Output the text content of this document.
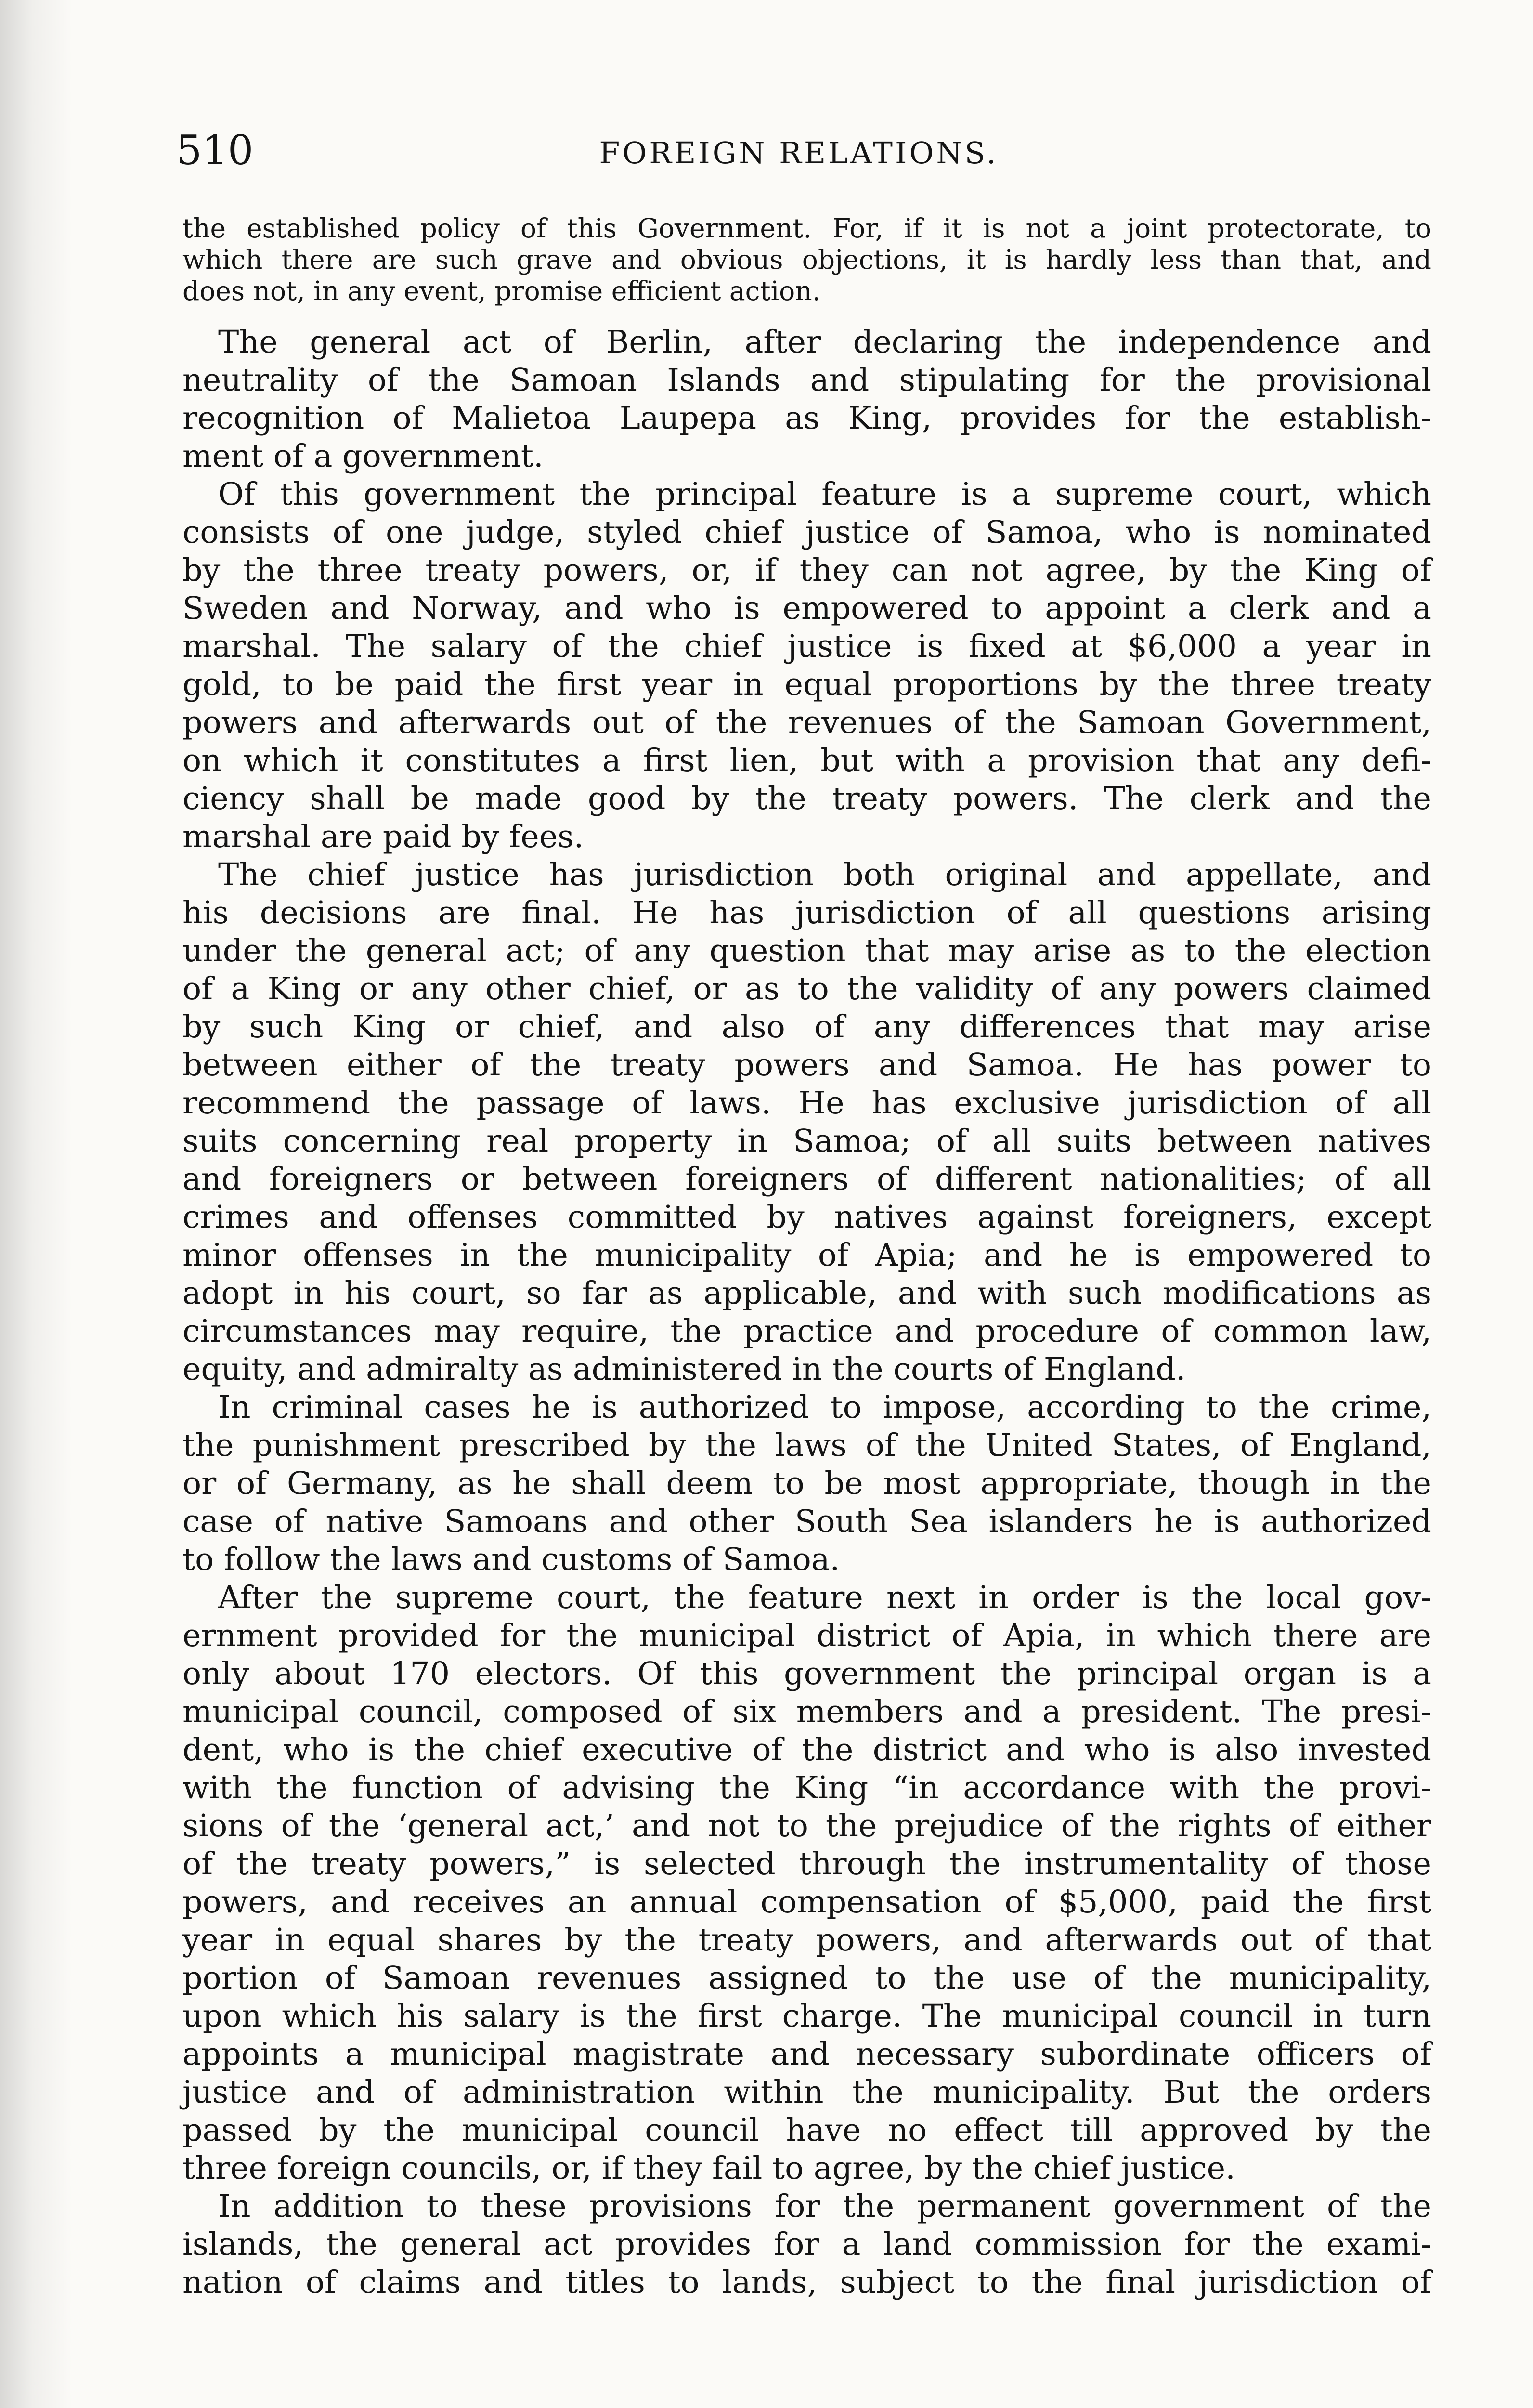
510	FOREIGN RELATIONS.
the established policy of this Government. For, if it is not a joint protectorate, to
which there are such grave and obvious objections, it is hardly less than that, and
does not, in any event, promise efficient action.
The general act of Berlin, after declaring the independence and
neutrality of the Samoan Islands and stipulating for the provisional
recognition of Malietoa Laupepa as King, provides for the establish-
ment of a government.
Of this government the principal feature is a supreme court, which
consists of one judge, styled chief justice of Samoa, who is nominated
by the three treaty powers, or, if they can not agree, by the King of
Sweden and Norway, and who is empowered to appoint a clerk and a
marshal. The salary of the chief justice is fixed at $6,000 a year in
gold, to be paid the first year in equal proportions by the three treaty
powers and afterwards out of the revenues of the Samoan Government,
on which it constitutes a first lien, but with a provision that any defi-
ciency shall be made good by the treaty powers. The clerk and the
marshal are paid by fees.
The chief justice has jurisdiction both original and appellate, and
his decisions are final. He has jurisdiction of all questions arising
under the general act; of any question that may arise as to the election
of a King or any other chief, or as to the validity of any powers claimed
by such King or chief, and also of any differences that may arise
between either of the treaty powers and Samoa. He has power to
recommend the passage of laws. He has exclusive jurisdiction of all
suits concerning real property in Samoa; of all suits between natives
and foreigners or between foreigners of different nationalities; of all
crimes and offenses committed by natives against foreigners, except
minor offenses in the municipality of Apia; and he is empowered to
adopt in his court, so far as applicable, and with such modifications as
circumstances may require, the practice and procedure of common law,
equity, and admiralty as administered in the courts of England.
In criminal cases he is authorized to impose, according to the crime,
the punishment prescribed by the laws of the United States, of England,
or of Germany, as he shall deem to be most appropriate, though in the
case of native Samoans and other South Sea islanders he is authorized
to follow the laws and customs of Samoa.
After the supreme court, the feature next in order is the local gov-
ernment provided for the municipal district of Apia, in which there are
only about 170 electors. Of this government the principal organ is a
municipal council, composed of six members and a president. The presi-
dent, who is the chief executive of the district and who is also invested
with the function of advising the King “in accordance with the provi-
sions of the ‘general act,’ and not to the prejudice of the rights of either
of the treaty powers,” is selected through the instrumentality of those
powers, and receives an annual compensation of $5,000, paid the first
year in equal shares by the treaty powers, and afterwards out of that
portion of Samoan revenues assigned to the use of the municipality,
upon which his salary is the first charge. The municipal council in turn
appoints a municipal magistrate and necessary subordinate officers of
justice and of administration within the municipality. But the orders
passed by the municipal council have no effect till approved by the
three foreign councils, or, if they fail to agree, by the chief justice.
In addition to these provisions for the permanent government of the
islands, the general act provides for a land commission for the exami-
nation of claims and titles to lands, subject to the final jurisdiction of
